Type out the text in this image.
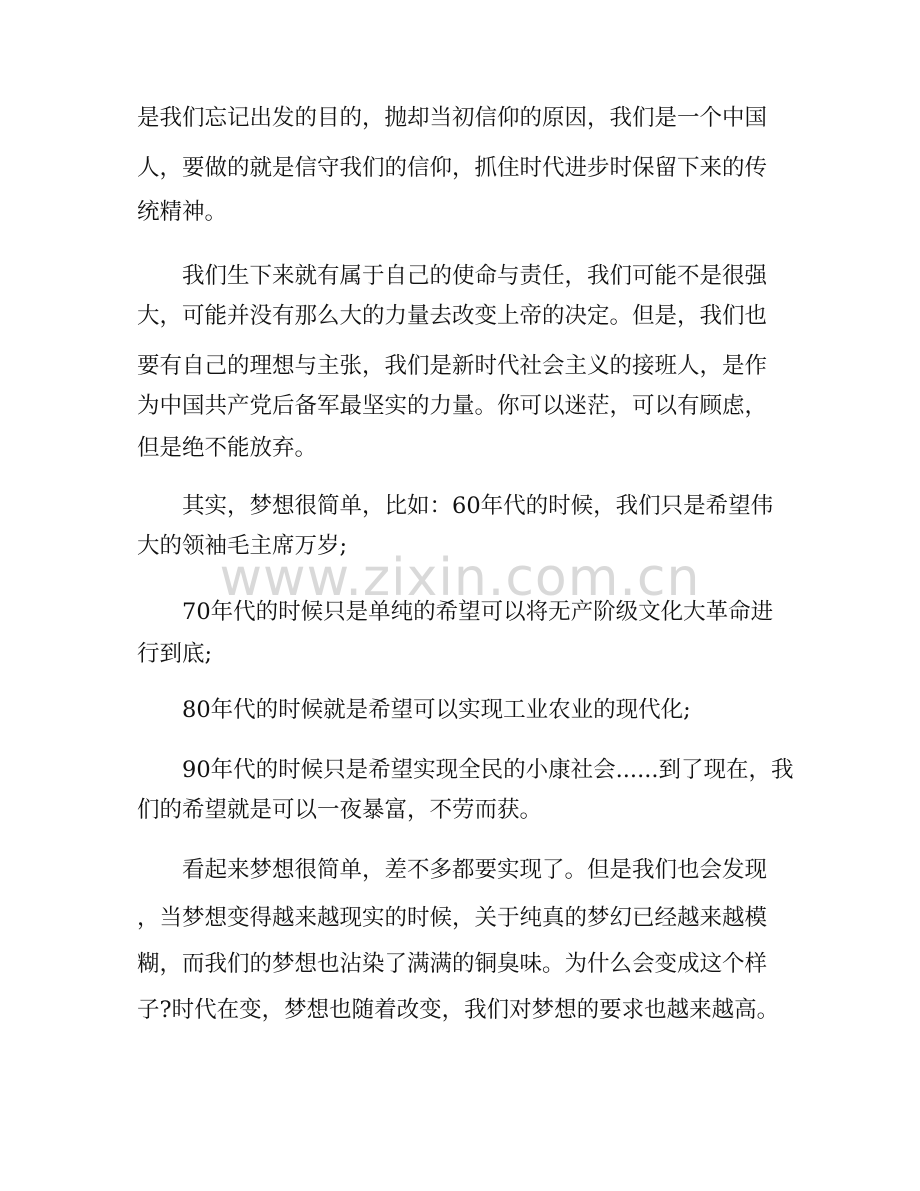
www.zixin.com.cn
是我们忘记出发的目的，抛却当初信仰的原因，我们是一个中国
人，要做的就是信守我们的信仰，抓住时代进步时保留下来的传
统精神。
我们生下来就有属于自己的使命与责任，我们可能不是很强
大，可能并没有那么大的力量去改变上帝的决定。但是，我们也
要有自己的理想与主张，我们是新时代社会主义的接班人，是作
为中国共产党后备军最坚实的力量。你可以迷茫，可以有顾虑，
但是绝不能放弃。
其实，梦想很简单，比如：60年代的时候，我们只是希望伟
大的领袖毛主席万岁;
70年代的时候只是单纯的希望可以将无产阶级文化大革命进
行到底;
80年代的时候就是希望可以实现工业农业的现代化;
90年代的时候只是希望实现全民的小康社会......到了现在，我
们的希望就是可以一夜暴富，不劳而获。
看起来梦想很简单，差不多都要实现了。但是我们也会发现
，当梦想变得越来越现实的时候，关于纯真的梦幻已经越来越模
糊，而我们的梦想也沾染了满满的铜臭味。为什么会变成这个样
子?时代在变，梦想也随着改变，我们对梦想的要求也越来越高。
